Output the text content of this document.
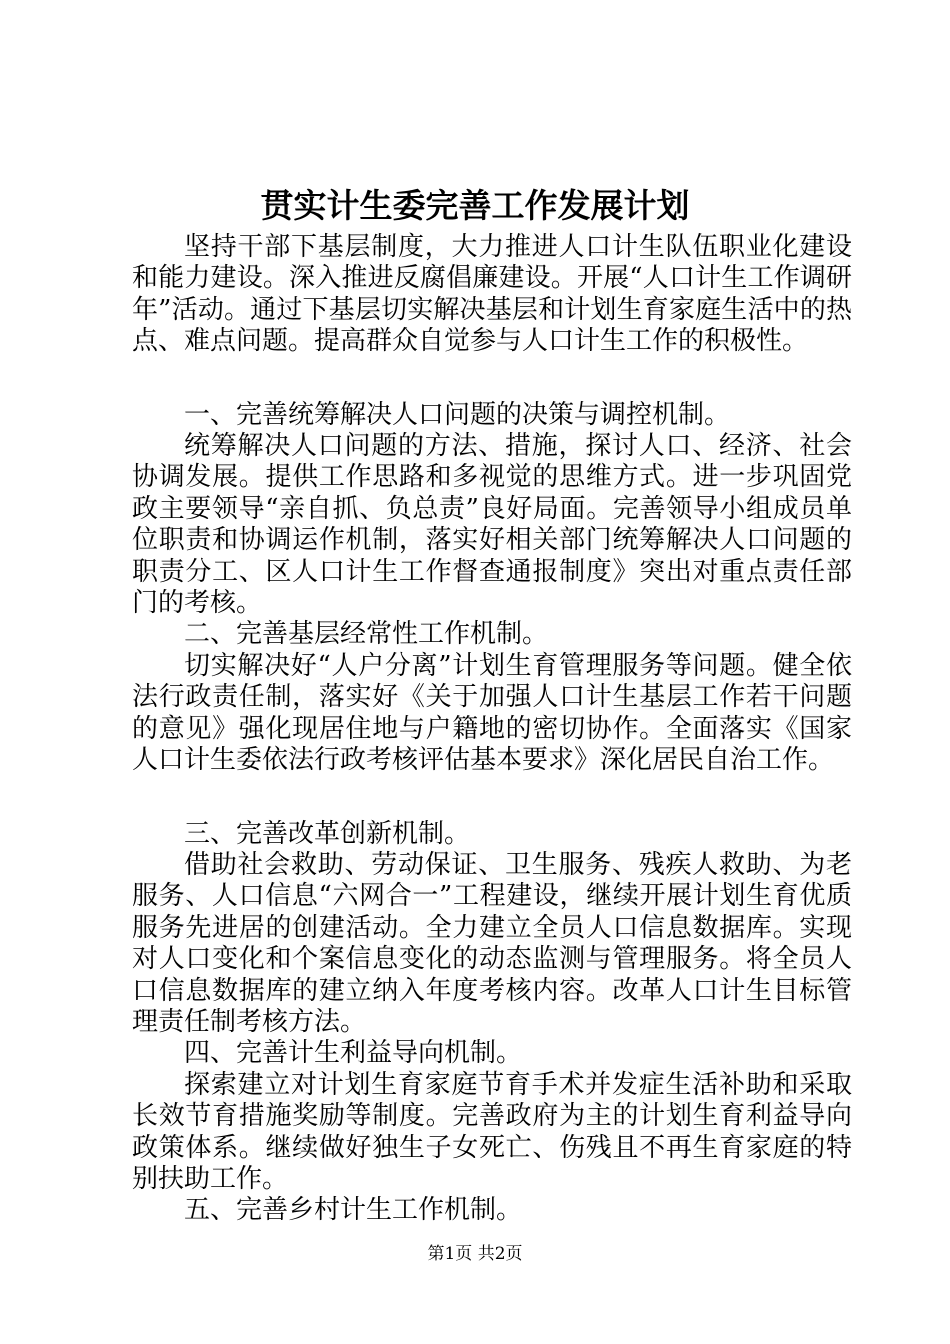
贯实计生委完善工作发展计划

坚持干部下基层制度，大力推进人口计生队伍职业化建设和能力建设。深入推进反腐倡廉建设。开展“人口计生工作调研年”活动。通过下基层切实解决基层和计划生育家庭生活中的热点、难点问题。提高群众自觉参与人口计生工作的积极性。

一、完善统筹解决人口问题的决策与调控机制。

统筹解决人口问题的方法、措施，探讨人口、经济、社会协调发展。提供工作思路和多视觉的思维方式。进一步巩固党政主要领导“亲自抓、负总责”良好局面。完善领导小组成员单位职责和协调运作机制，落实好相关部门统筹解决人口问题的职责分工、区人口计生工作督查通报制度》突出对重点责任部门的考核。

二、完善基层经常性工作机制。

切实解决好“人户分离”计划生育管理服务等问题。健全依法行政责任制，落实好《关于加强人口计生基层工作若干问题的意见》强化现居住地与户籍地的密切协作。全面落实《国家人口计生委依法行政考核评估基本要求》深化居民自治工作。

三、完善改革创新机制。

借助社会救助、劳动保证、卫生服务、残疾人救助、为老服务、人口信息“六网合一”工程建设，继续开展计划生育优质服务先进居的创建活动。全力建立全员人口信息数据库。实现对人口变化和个案信息变化的动态监测与管理服务。将全员人口信息数据库的建立纳入年度考核内容。改革人口计生目标管理责任制考核方法。

四、完善计生利益导向机制。

探索建立对计划生育家庭节育手术并发症生活补助和采取长效节育措施奖励等制度。完善政府为主的计划生育利益导向政策体系。继续做好独生子女死亡、伤残且不再生育家庭的特别扶助工作。

五、完善乡村计生工作机制。

第1页 共2页
